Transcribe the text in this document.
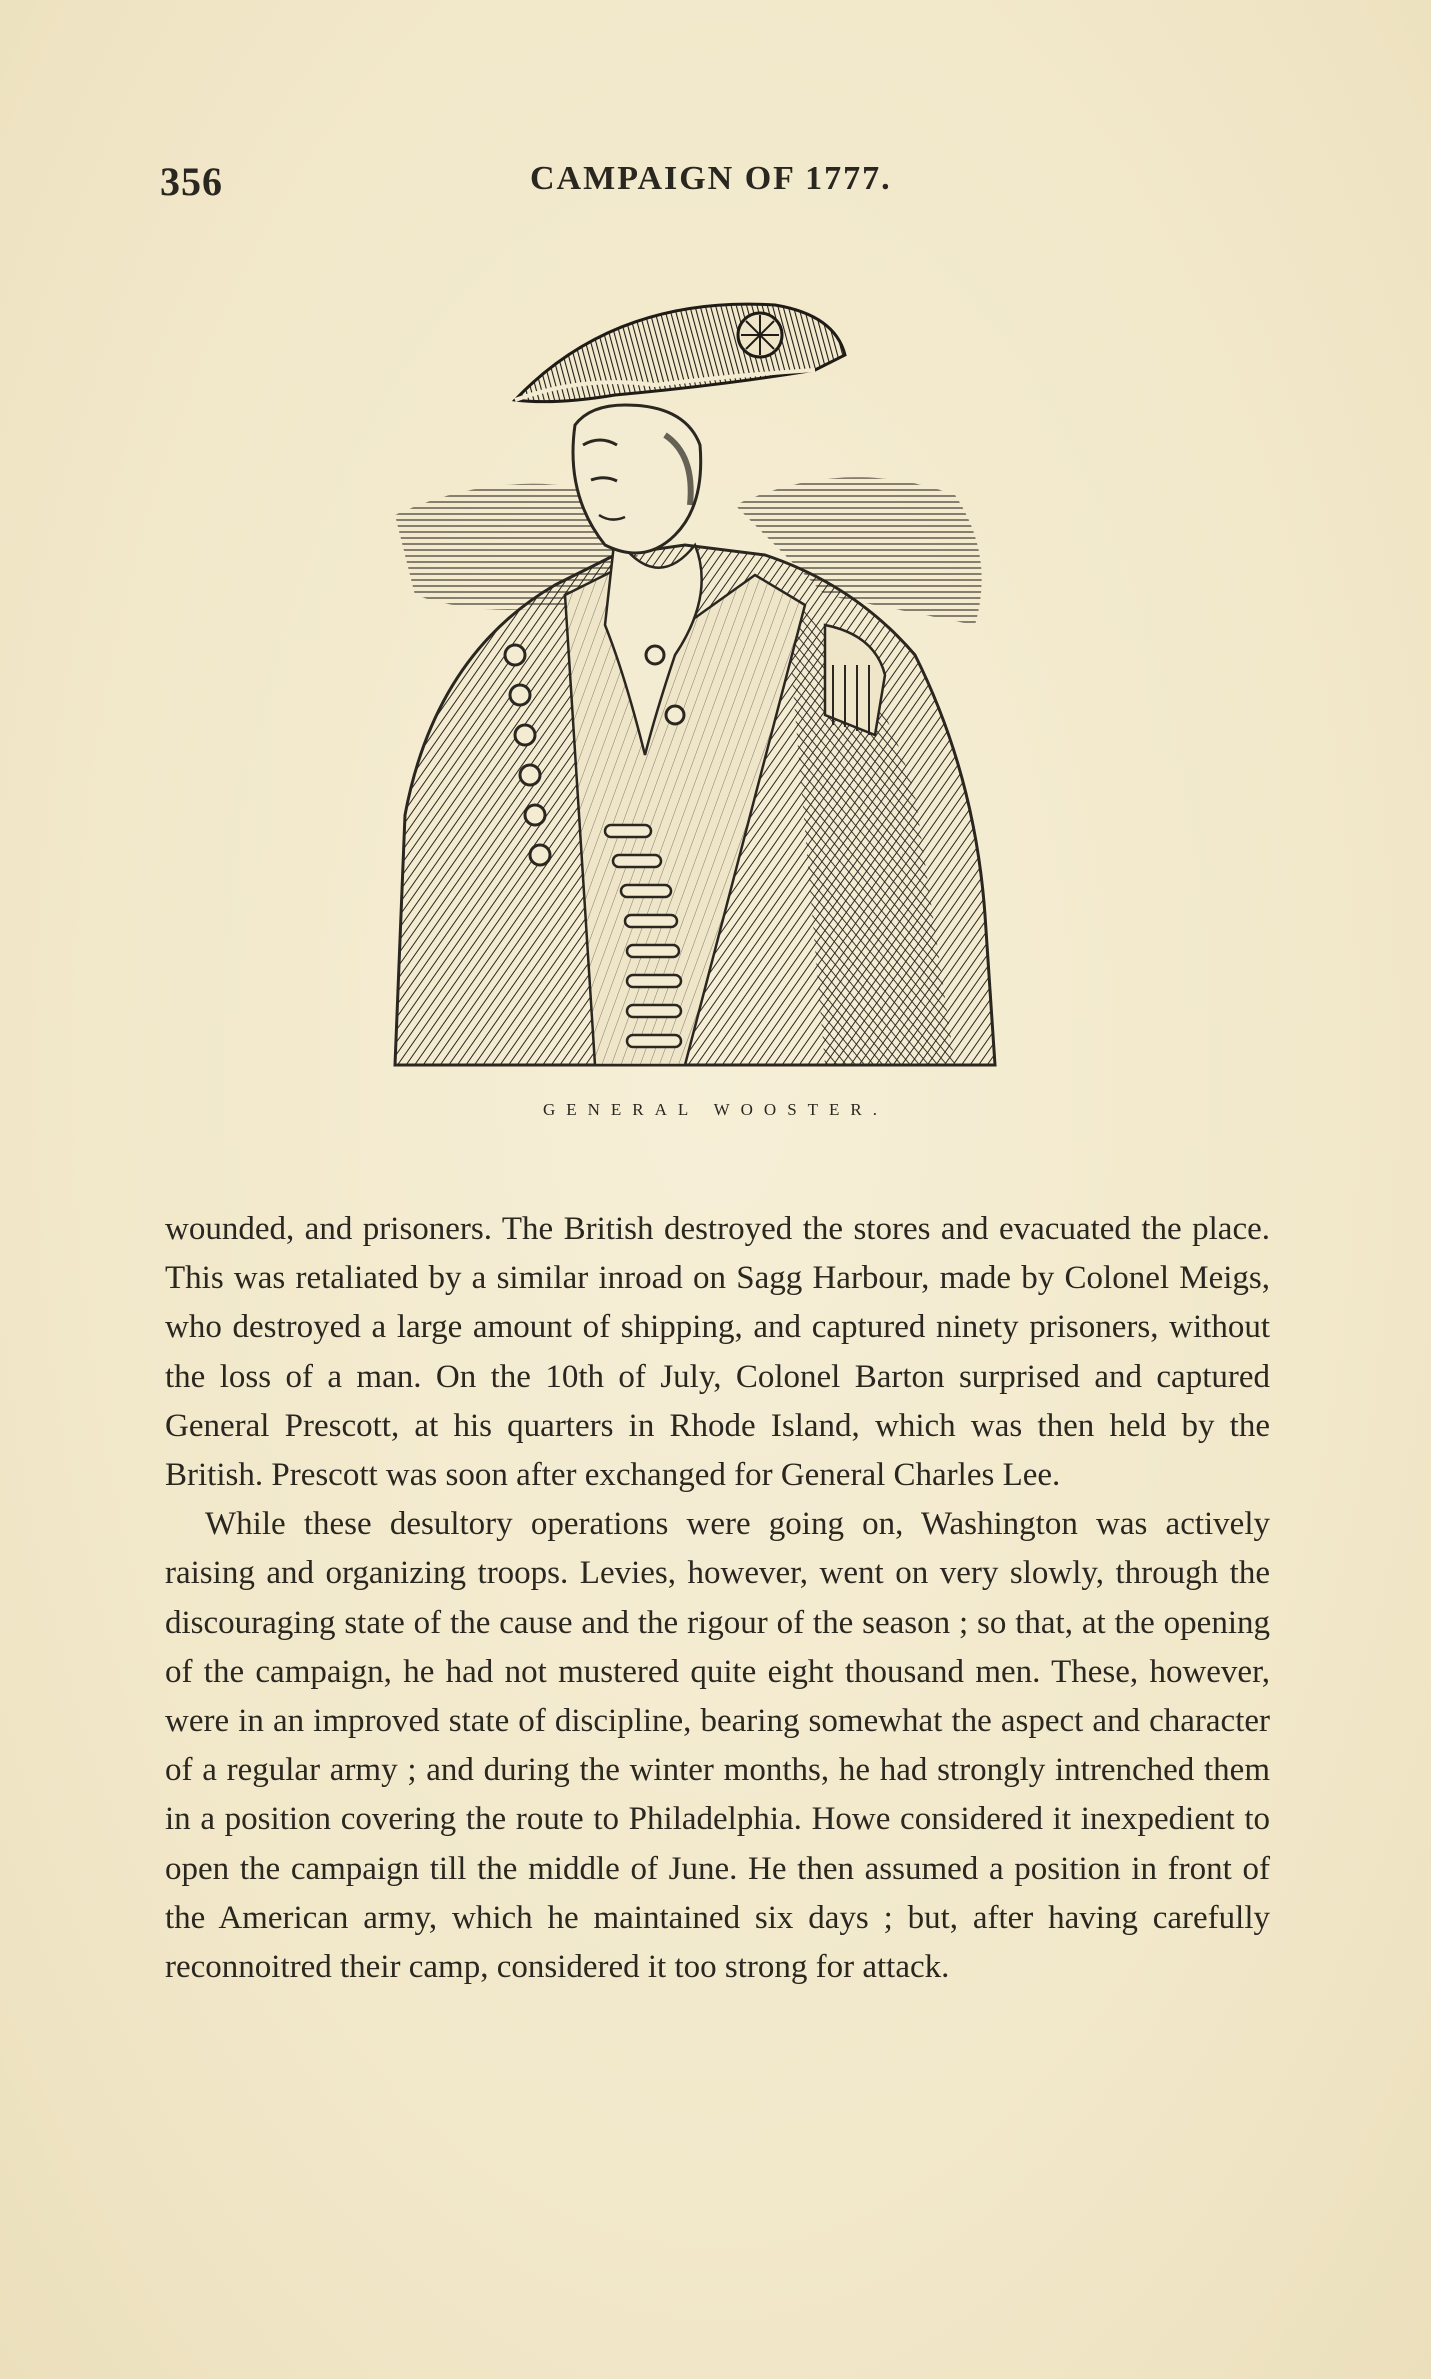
356	CAMPAIGN OF 1777.
GENERAL WOOSTER.

wounded, and prisoners. The British destroyed the stores and evacuated the place. This was retaliated by a similar inroad on Sagg Harbour, made by Colonel Meigs, who destroyed a large amount of shipping, and captured ninety prisoners, without the loss of a man. On the 10th of July, Colonel Barton surprised and captured General Prescott, at his quarters in Rhode Island, which was then held by the British. Prescott was soon after exchanged for General Charles Lee.

While these desultory operations were going on, Washington was actively raising and organizing troops. Levies, however, went on very slowly, through the discouraging state of the cause and the rigour of the season ; so that, at the opening of the campaign, he had not mustered quite eight thousand men. These, however, were in an improved state of discipline, bearing somewhat the aspect and character of a regular army ; and during the winter months, he had strongly intrenched them in a position covering the route to Philadelphia. Howe considered it inexpedient to open the campaign till the middle of June. He then assumed a position in front of the American army, which he maintained six days ; but, after having carefully reconnoitred their camp, considered it too strong for attack.
